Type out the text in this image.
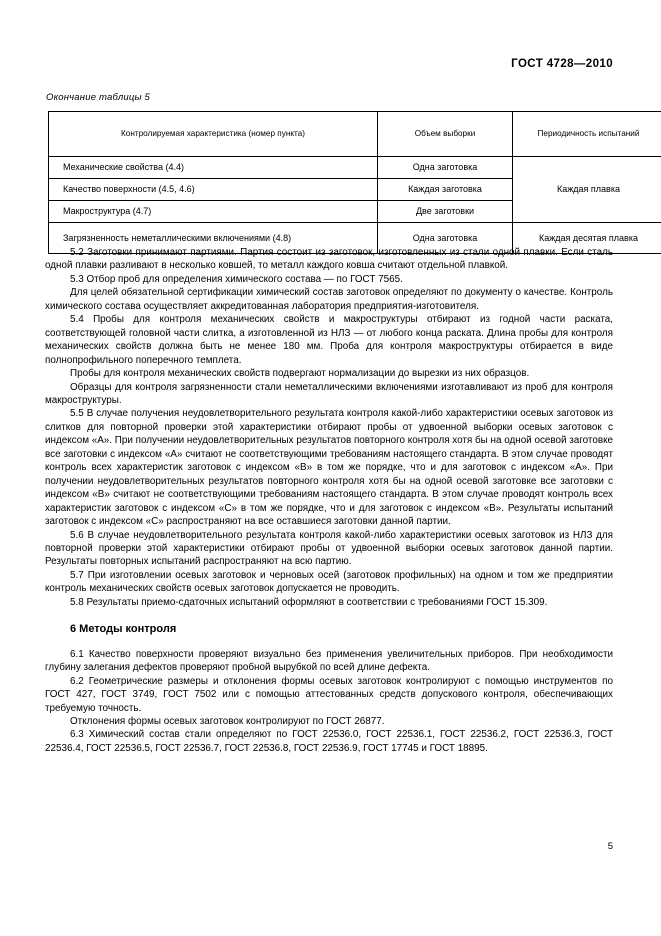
ГОСТ 4728—2010
Окончание таблицы 5
Контролируемая характеристика (номер пункта)	Объем выборки	Периодичность испытаний
Механические свойства (4.4)	Одна заготовка	Каждая плавка
Качество поверхности (4.5, 4.6)	Каждая заготовка	
Макроструктура (4.7)	Две заготовки	
Загрязненность неметаллическими включениями (4.8)	Одна заготовка	Каждая десятая плавка

5.2 Заготовки принимают партиями. Партия состоит из заготовок, изготовленных из стали одной плавки. Если сталь одной плавки разливают в несколько ковшей, то металл каждого ковша считают отдельной плавкой.

5.3 Отбор проб для определения химического состава — по ГОСТ 7565.

Для целей обязательной сертификации химический состав заготовок определяют по документу о качестве. Контроль химического состава осуществляет аккредитованная лаборатория предприятия-изготовителя.

5.4 Пробы для контроля механических свойств и макроструктуры отбирают из годной части раската, соответствующей головной части слитка, а изготовленной из НЛЗ — от любого конца раската. Длина пробы для контроля механических свойств должна быть не менее 180 мм. Проба для контроля макроструктуры отбирается в виде полнопрофильного поперечного темплета.

Пробы для контроля механических свойств подвергают нормализации до вырезки из них образцов.

Образцы для контроля загрязненности стали неметаллическими включениями изготавливают из проб для контроля макроструктуры.

5.5 В случае получения неудовлетворительного результата контроля какой-либо характеристики осевых заготовок из слитков для повторной проверки этой характеристики отбирают пробы от удвоенной выборки осевых заготовок с индексом «А». При получении неудовлетворительных результатов повторного контроля хотя бы на одной осевой заготовке все заготовки с индексом «А» считают не соответствующими требованиям настоящего стандарта. В этом случае проводят контроль всех характеристик заготовок с индексом «В» в том же порядке, что и для заготовок с индексом «А». При получении неудовлетворительных результатов повторного контроля хотя бы на одной осевой заготовке все заготовки с индексом «В» считают не соответствующими требованиям настоящего стандарта. В этом случае проводят контроль всех характеристик заготовок с индексом «С» в том же порядке, что и для заготовок с индексом «В». Результаты испытаний заготовок с индексом «С» распространяют на все оставшиеся заготовки данной партии.

5.6 В случае неудовлетворительного результата контроля какой-либо характеристики осевых заготовок из НЛЗ для повторной проверки этой характеристики отбирают пробы от удвоенной выборки осевых заготовок данной партии. Результаты повторных испытаний распространяют на всю партию.

5.7 При изготовлении осевых заготовок и черновых осей (заготовок профильных) на одном и том же предприятии контроль механических свойств осевых заготовок допускается не проводить.

5.8 Результаты приемо-сдаточных испытаний оформляют в соответствии с требованиями ГОСТ 15.309.

6 Методы контроля

6.1 Качество поверхности проверяют визуально без применения увеличительных приборов. При необходимости глубину залегания дефектов проверяют пробной вырубкой по всей длине дефекта.

6.2 Геометрические размеры и отклонения формы осевых заготовок контролируют с помощью инструментов по ГОСТ 427, ГОСТ 3749, ГОСТ 7502 или с помощью аттестованных средств допускового контроля, обеспечивающих требуемую точность.

Отклонения формы осевых заготовок контролируют по ГОСТ 26877.

6.3 Химический состав стали определяют по ГОСТ 22536.0, ГОСТ 22536.1, ГОСТ 22536.2, ГОСТ 22536.3, ГОСТ 22536.4, ГОСТ 22536.5, ГОСТ 22536.7, ГОСТ 22536.8, ГОСТ 22536.9, ГОСТ 17745 и ГОСТ 18895.

5
